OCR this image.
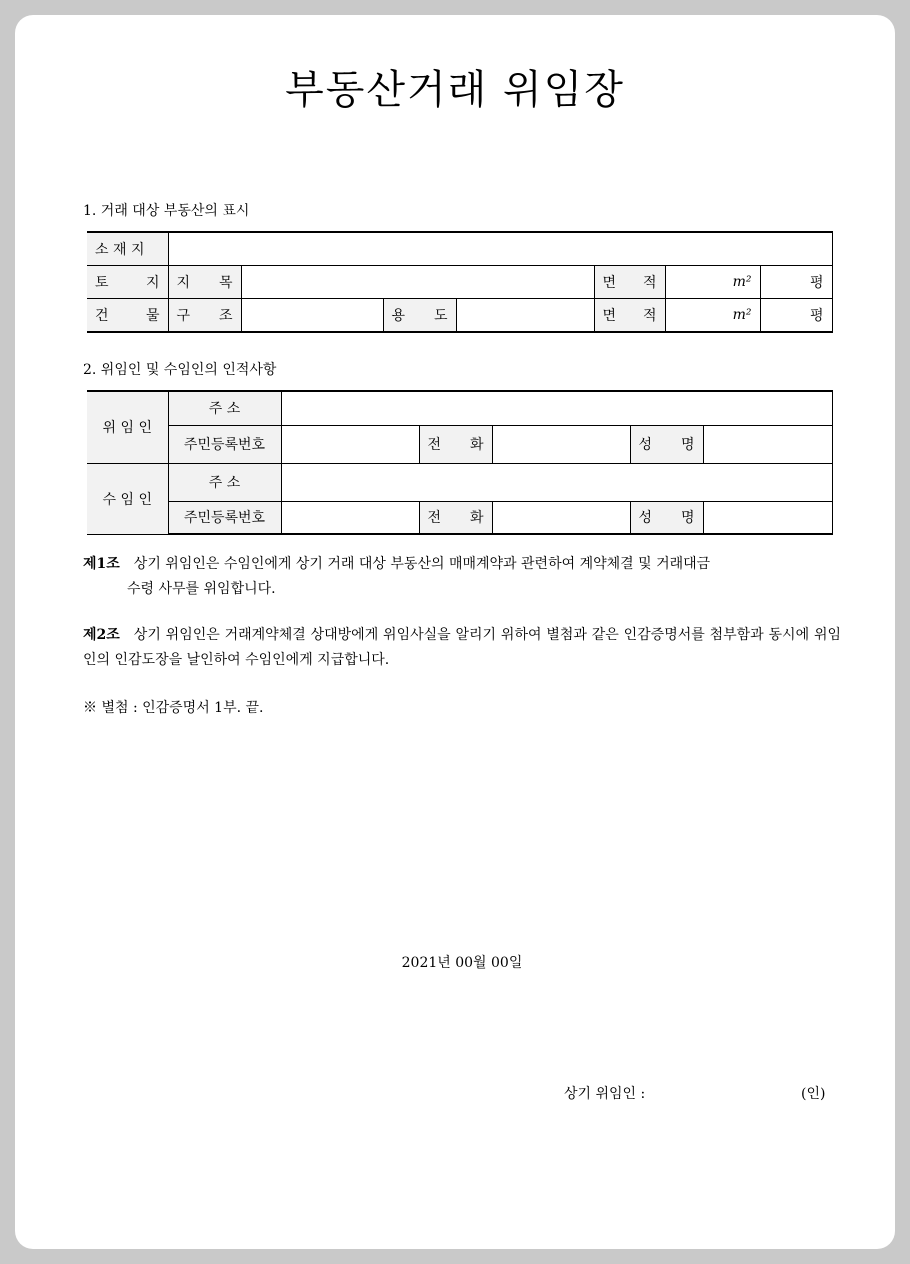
부동산거래 위임장
1. 거래 대상 부동산의 표시
소 재 지							
토 지	지 목				면 적	m²	평
건 물	구 조		용 도		면 적	m²	평
2. 위임인 및 수임인의 인적사항
위 임 인	주 소					
	주민등록번호		전 화		성 명	
수 임 인	주 소					
	주민등록번호		전 화		성 명	
제1조 상기 위임인은 수임인에게 상기 거래 대상 부동산의 매매계약과 관련하여 계약체결 및 거래대금
수령 사무를 위임합니다.
제2조 상기 위임인은 거래계약체결 상대방에게 위임사실을 알리기 위하여 별첨과 같은 인감증명서를 첨부함과 동시에 위임인의 인감도장을 날인하여 수임인에게 지급합니다.
※ 별첨 : 인감증명서 1부. 끝.
2021년 00월 00일
상기 위임인 :	(인)
